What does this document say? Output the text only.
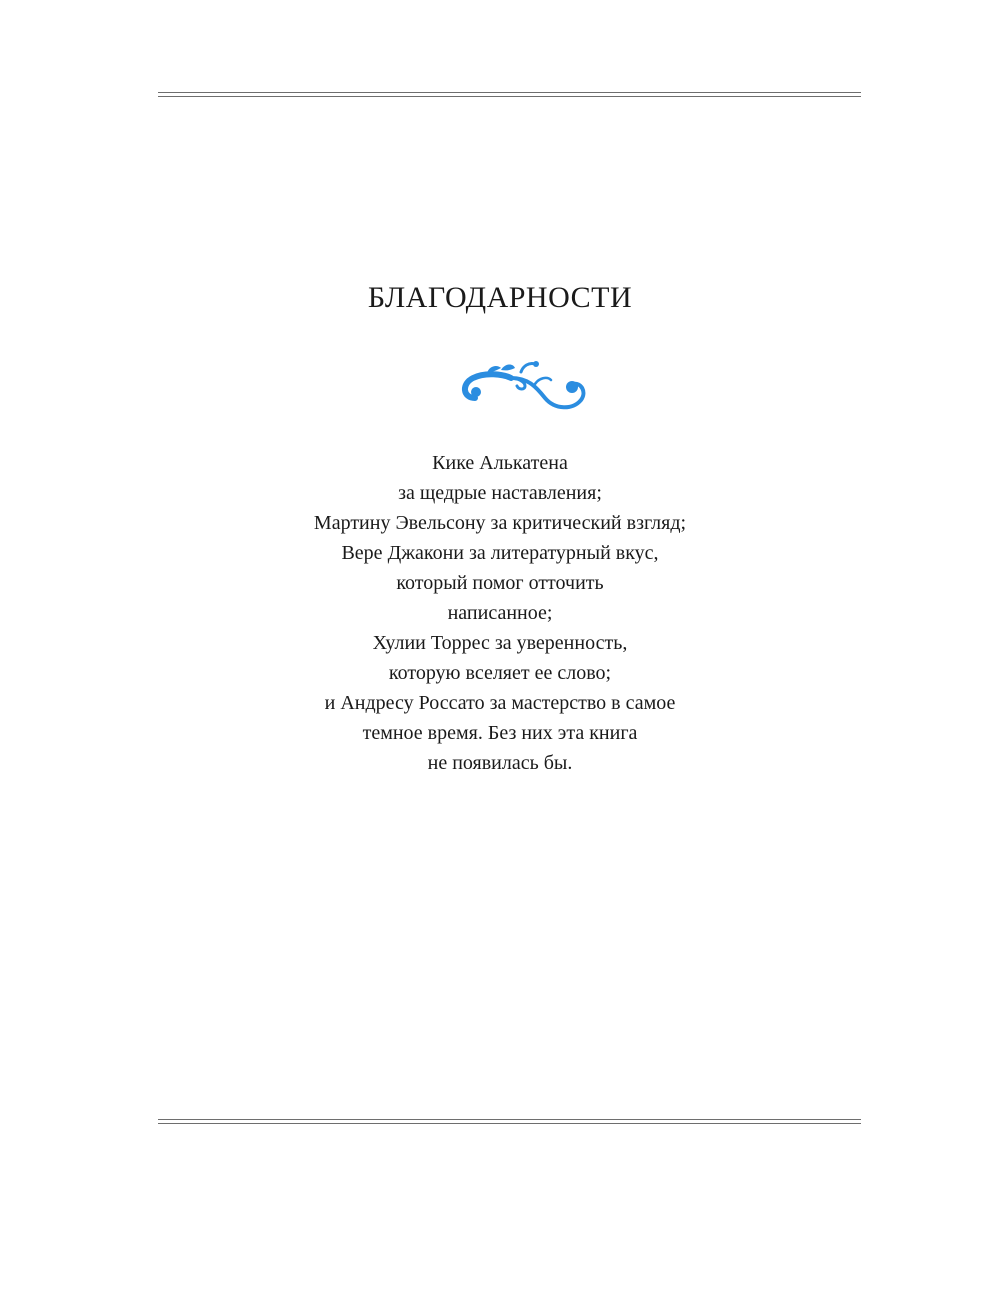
БЛАГОДАРНОСТИ
Кике Алькатена
за щедрые наставления;
Мартину Эвельсону за критический взгляд;
Вере Джакони за литературный вкус,
который помог отточить
написанное;
Хулии Торрес за уверенность,
которую вселяет ее слово;
и Андресу Россато за мастерство в самое
темное время. Без них эта книга
не появилась бы.
